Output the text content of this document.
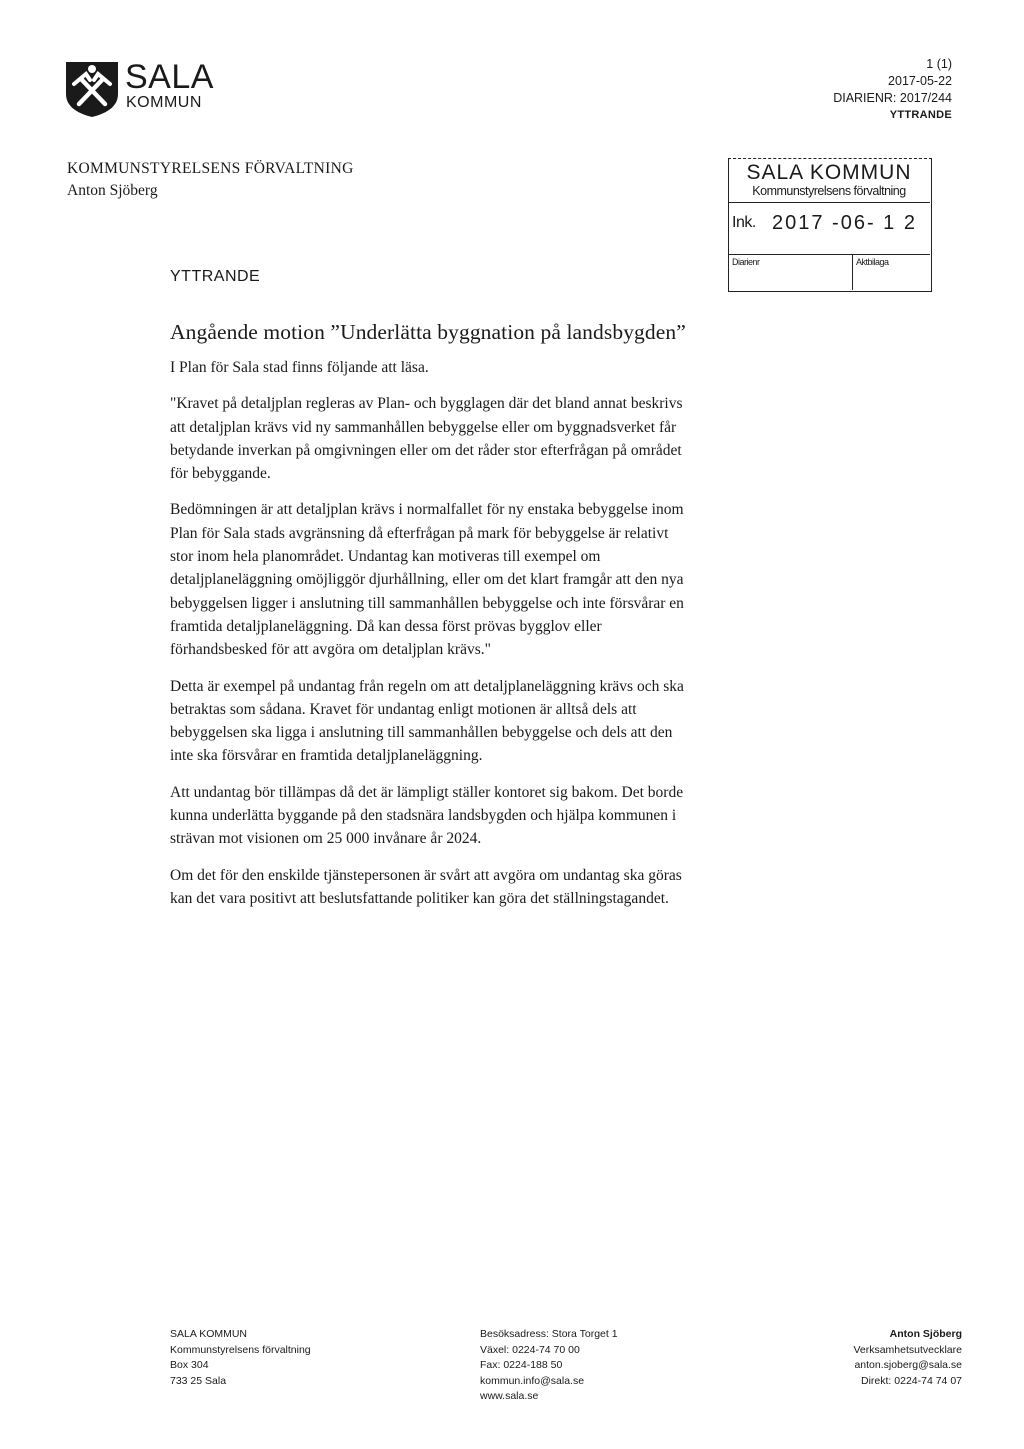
SALA
KOMMUN
1 (1)
2017-05-22
DIARIENR: 2017/244
YTTRANDE
KOMMUNSTYRELSENS FÖRVALTNING
Anton Sjöberg
YTTRANDE
SALA KOMMUN
Kommunstyrelsens förvaltning
Ink. 2017 -06- 1 2
Diarienr	Aktbilaga
Angående motion ”Underlätta byggnation på landsbygden”

I Plan för Sala stad finns följande att läsa.

"Kravet på detaljplan regleras av Plan- och bygglagen där det bland annat beskrivs
att detaljplan krävs vid ny sammanhållen bebyggelse eller om byggnadsverket får
betydande inverkan på omgivningen eller om det råder stor efterfrågan på området
för bebyggande.

Bedömningen är att detaljplan krävs i normalfallet för ny enstaka bebyggelse inom
Plan för Sala stads avgränsning då efterfrågan på mark för bebyggelse är relativt
stor inom hela planområdet. Undantag kan motiveras till exempel om
detaljplaneläggning omöjliggör djurhållning, eller om det klart framgår att den nya
bebyggelsen ligger i anslutning till sammanhållen bebyggelse och inte försvårar en
framtida detaljplaneläggning. Då kan dessa först prövas bygglov eller
förhandsbesked för att avgöra om detaljplan krävs."

Detta är exempel på undantag från regeln om att detaljplaneläggning krävs och ska
betraktas som sådana. Kravet för undantag enligt motionen är alltså dels att
bebyggelsen ska ligga i anslutning till sammanhållen bebyggelse och dels att den
inte ska försvårar en framtida detaljplaneläggning.

Att undantag bör tillämpas då det är lämpligt ställer kontoret sig bakom. Det borde
kunna underlätta byggande på den stadsnära landsbygden och hjälpa kommunen i
strävan mot visionen om 25 000 invånare år 2024.

Om det för den enskilde tjänstepersonen är svårt att avgöra om undantag ska göras
kan det vara positivt att beslutsfattande politiker kan göra det ställningstagandet.

SALA KOMMUN
Kommunstyrelsens förvaltning
Box 304
733 25 Sala
Besöksadress: Stora Torget 1
Växel: 0224-74 70 00
Fax: 0224-188 50
kommun.info@sala.se
www.sala.se
Anton Sjöberg
Verksamhetsutvecklare
anton.sjoberg@sala.se
Direkt: 0224-74 74 07
